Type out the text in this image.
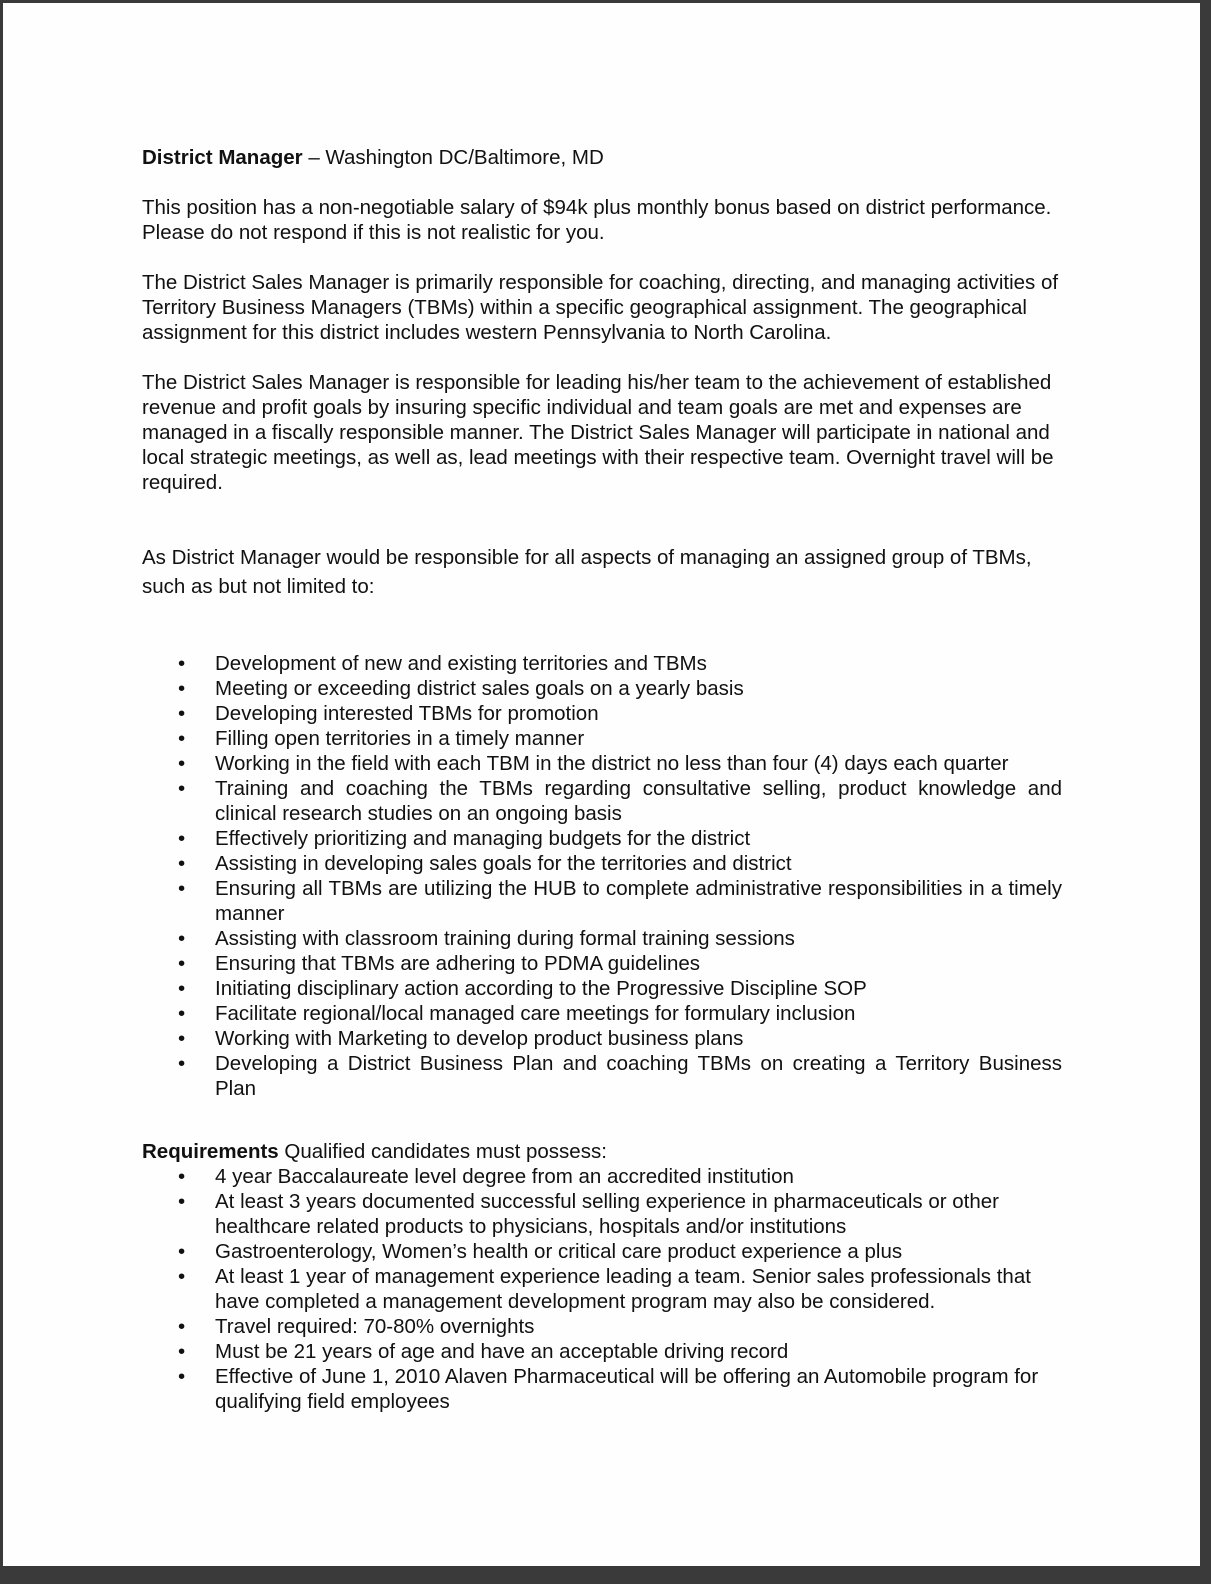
District Manager – Washington DC/Baltimore, MD

This position has a non-negotiable salary of $94k plus monthly bonus based on district performance. Please do not respond if this is not realistic for you.

The District Sales Manager is primarily responsible for coaching, directing, and managing activities of Territory Business Managers (TBMs) within a specific geographical assignment. The geographical assignment for this district includes western Pennsylvania to North Carolina.

The District Sales Manager is responsible for leading his/her team to the achievement of established revenue and profit goals by insuring specific individual and team goals are met and expenses are managed in a fiscally responsible manner. The District Sales Manager will participate in national and local strategic meetings, as well as, lead meetings with their respective team. Overnight travel will be required.

As District Manager would be responsible for all aspects of managing an assigned group of TBMs, such as but not limited to:

• Development of new and existing territories and TBMs
• Meeting or exceeding district sales goals on a yearly basis
• Developing interested TBMs for promotion
• Filling open territories in a timely manner
• Working in the field with each TBM in the district no less than four (4) days each quarter
• Training and coaching the TBMs regarding consultative selling, product knowledge and clinical research studies on an ongoing basis
• Effectively prioritizing and managing budgets for the district
• Assisting in developing sales goals for the territories and district
• Ensuring all TBMs are utilizing the HUB to complete administrative responsibilities in a timely manner
• Assisting with classroom training during formal training sessions
• Ensuring that TBMs are adhering to PDMA guidelines
• Initiating disciplinary action according to the Progressive Discipline SOP
• Facilitate regional/local managed care meetings for formulary inclusion
• Working with Marketing to develop product business plans
• Developing a District Business Plan and coaching TBMs on creating a Territory Business Plan
Requirements Qualified candidates must possess:
• 4 year Baccalaureate level degree from an accredited institution
• At least 3 years documented successful selling experience in pharmaceuticals or other healthcare related products to physicians, hospitals and/or institutions
• Gastroenterology, Women’s health or critical care product experience a plus
• At least 1 year of management experience leading a team. Senior sales professionals that have completed a management development program may also be considered.
• Travel required: 70-80% overnights
• Must be 21 years of age and have an acceptable driving record
• Effective of June 1, 2010 Alaven Pharmaceutical will be offering an Automobile program for qualifying field employees
